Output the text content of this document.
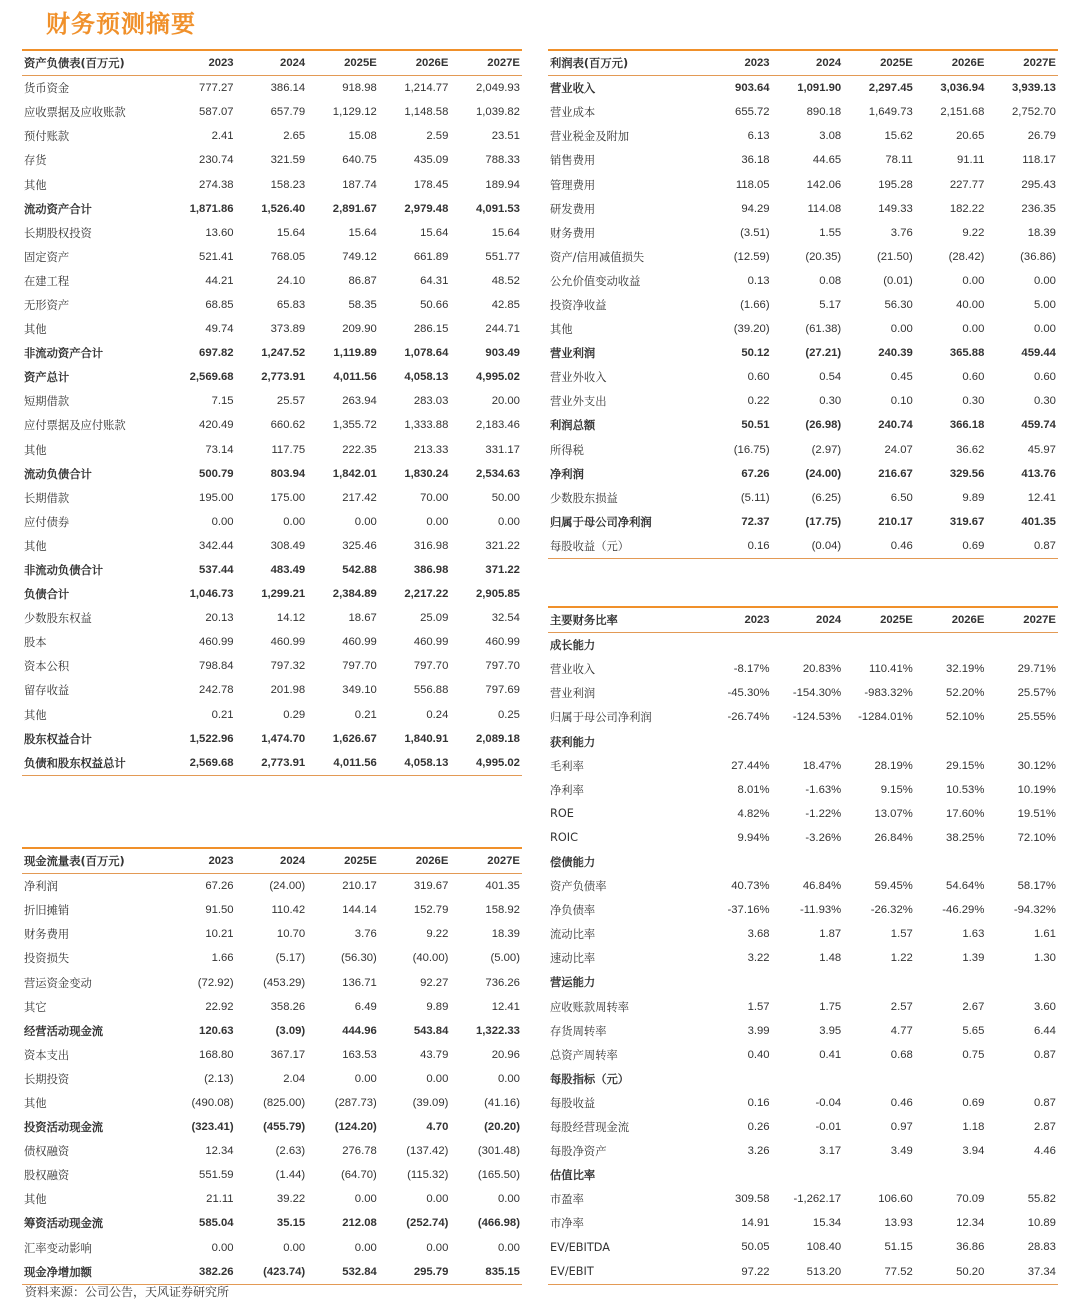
财务预测摘要
资产负债表(百万元)	2023	2024	2025E	2026E	2027E
货币资金	777.27	386.14	918.98	1,214.77	2,049.93
应收票据及应收账款	587.07	657.79	1,129.12	1,148.58	1,039.82
预付账款	2.41	2.65	15.08	2.59	23.51
存货	230.74	321.59	640.75	435.09	788.33
其他	274.38	158.23	187.74	178.45	189.94
流动资产合计	1,871.86	1,526.40	2,891.67	2,979.48	4,091.53
长期股权投资	13.60	15.64	15.64	15.64	15.64
固定资产	521.41	768.05	749.12	661.89	551.77
在建工程	44.21	24.10	86.87	64.31	48.52
无形资产	68.85	65.83	58.35	50.66	42.85
其他	49.74	373.89	209.90	286.15	244.71
非流动资产合计	697.82	1,247.52	1,119.89	1,078.64	903.49
资产总计	2,569.68	2,773.91	4,011.56	4,058.13	4,995.02
短期借款	7.15	25.57	263.94	283.03	20.00
应付票据及应付账款	420.49	660.62	1,355.72	1,333.88	2,183.46
其他	73.14	117.75	222.35	213.33	331.17
流动负债合计	500.79	803.94	1,842.01	1,830.24	2,534.63
长期借款	195.00	175.00	217.42	70.00	50.00
应付债券	0.00	0.00	0.00	0.00	0.00
其他	342.44	308.49	325.46	316.98	321.22
非流动负债合计	537.44	483.49	542.88	386.98	371.22
负债合计	1,046.73	1,299.21	2,384.89	2,217.22	2,905.85
少数股东权益	20.13	14.12	18.67	25.09	32.54
股本	460.99	460.99	460.99	460.99	460.99
资本公积	798.84	797.32	797.70	797.70	797.70
留存收益	242.78	201.98	349.10	556.88	797.69
其他	0.21	0.29	0.21	0.24	0.25
股东权益合计	1,522.96	1,474.70	1,626.67	1,840.91	2,089.18
负债和股东权益总计	2,569.68	2,773.91	4,011.56	4,058.13	4,995.02
现金流量表(百万元)	2023	2024	2025E	2026E	2027E
净利润	67.26	(24.00)	210.17	319.67	401.35
折旧摊销	91.50	110.42	144.14	152.79	158.92
财务费用	10.21	10.70	3.76	9.22	18.39
投资损失	1.66	(5.17)	(56.30)	(40.00)	(5.00)
营运资金变动	(72.92)	(453.29)	136.71	92.27	736.26
其它	22.92	358.26	6.49	9.89	12.41
经营活动现金流	120.63	(3.09)	444.96	543.84	1,322.33
资本支出	168.80	367.17	163.53	43.79	20.96
长期投资	(2.13)	2.04	0.00	0.00	0.00
其他	(490.08)	(825.00)	(287.73)	(39.09)	(41.16)
投资活动现金流	(323.41)	(455.79)	(124.20)	4.70	(20.20)
债权融资	12.34	(2.63)	276.78	(137.42)	(301.48)
股权融资	551.59	(1.44)	(64.70)	(115.32)	(165.50)
其他	21.11	39.22	0.00	0.00	0.00
筹资活动现金流	585.04	35.15	212.08	(252.74)	(466.98)
汇率变动影响	0.00	0.00	0.00	0.00	0.00
现金净增加额	382.26	(423.74)	532.84	295.79	835.15
利润表(百万元)	2023	2024	2025E	2026E	2027E
营业收入	903.64	1,091.90	2,297.45	3,036.94	3,939.13
营业成本	655.72	890.18	1,649.73	2,151.68	2,752.70
营业税金及附加	6.13	3.08	15.62	20.65	26.79
销售费用	36.18	44.65	78.11	91.11	118.17
管理费用	118.05	142.06	195.28	227.77	295.43
研发费用	94.29	114.08	149.33	182.22	236.35
财务费用	(3.51)	1.55	3.76	9.22	18.39
资产/信用减值损失	(12.59)	(20.35)	(21.50)	(28.42)	(36.86)
公允价值变动收益	0.13	0.08	(0.01)	0.00	0.00
投资净收益	(1.66)	5.17	56.30	40.00	5.00
其他	(39.20)	(61.38)	0.00	0.00	0.00
营业利润	50.12	(27.21)	240.39	365.88	459.44
营业外收入	0.60	0.54	0.45	0.60	0.60
营业外支出	0.22	0.30	0.10	0.30	0.30
利润总额	50.51	(26.98)	240.74	366.18	459.74
所得税	(16.75)	(2.97)	24.07	36.62	45.97
净利润	67.26	(24.00)	216.67	329.56	413.76
少数股东损益	(5.11)	(6.25)	6.50	9.89	12.41
归属于母公司净利润	72.37	(17.75)	210.17	319.67	401.35
每股收益（元）	0.16	(0.04)	0.46	0.69	0.87
主要财务比率	2023	2024	2025E	2026E	2027E
成长能力
营业收入	-8.17%	20.83%	110.41%	32.19%	29.71%
营业利润	-45.30%	-154.30%	-983.32%	52.20%	25.57%
归属于母公司净利润	-26.74%	-124.53%	-1284.01%	52.10%	25.55%
获利能力
毛利率	27.44%	18.47%	28.19%	29.15%	30.12%
净利率	8.01%	-1.63%	9.15%	10.53%	10.19%
ROE	4.82%	-1.22%	13.07%	17.60%	19.51%
ROIC	9.94%	-3.26%	26.84%	38.25%	72.10%
偿债能力
资产负债率	40.73%	46.84%	59.45%	54.64%	58.17%
净负债率	-37.16%	-11.93%	-26.32%	-46.29%	-94.32%
流动比率	3.68	1.87	1.57	1.63	1.61
速动比率	3.22	1.48	1.22	1.39	1.30
营运能力
应收账款周转率	1.57	1.75	2.57	2.67	3.60
存货周转率	3.99	3.95	4.77	5.65	6.44
总资产周转率	0.40	0.41	0.68	0.75	0.87
每股指标（元）
每股收益	0.16	-0.04	0.46	0.69	0.87
每股经营现金流	0.26	-0.01	0.97	1.18	2.87
每股净资产	3.26	3.17	3.49	3.94	4.46
估值比率
市盈率	309.58	-1,262.17	106.60	70.09	55.82
市净率	14.91	15.34	13.93	12.34	10.89
EV/EBITDA	50.05	108.40	51.15	36.86	28.83
EV/EBIT	97.22	513.20	77.52	50.20	37.34
资料来源：公司公告，天风证券研究所
